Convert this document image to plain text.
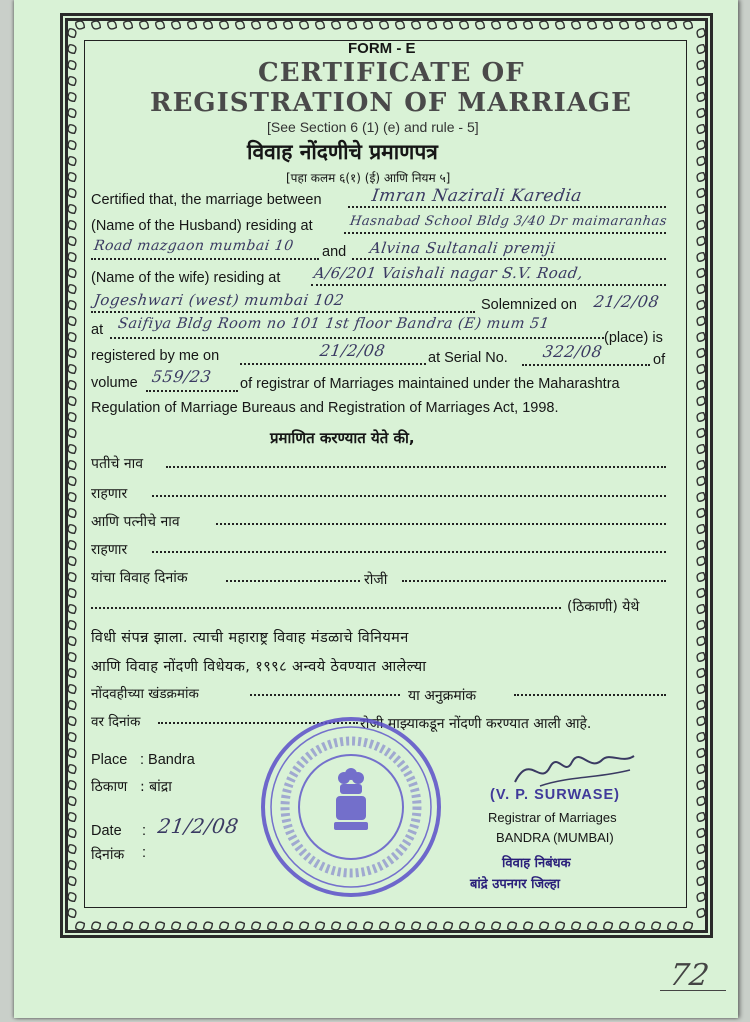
FORM - E
CERTIFICATE OF
REGISTRATION OF MARRIAGE
[See Section 6 (1) (e) and rule - 5]
विवाह नोंदणीचे प्रमाणपत्र
[पहा कलम ६(१) (ई) आणि नियम ५]
Certified that, the marriage between	Imran Nazirali Karedia
(Name of the Husband) residing at	Hasnabad School Bldg 3/40 Dr maimaranhas
Road mazgaon mumbai 10 and Alvina Sultanali premji
(Name of the wife) residing at A/6/201 Vaishali nagar S.V. Road,
Jogeshwari (west) mumbai 102	Solemnized on 21/2/08
at Saifiya Bldg Room no 101 1st floor Bandra (E) mum 51
(place) is
registered by me on	21/2/08	at Serial No. 322/08	of
volume 559/23 of registrar of Marriages maintained under the Maharashtra
Regulation of Marriage Bureaus and Registration of Marriages Act, 1998.
प्रमाणित करण्यात येते की,
पतीचे नाव
राहणार
आणि पत्नीचे नाव
राहणार
यांचा विवाह दिनांक	रोजी
(ठिकाणी) येथे
विधी संपन्न झाला. त्याची महाराष्ट्र विवाह मंडळाचे विनियमन
आणि विवाह नोंदणी विधेयक, १९९८ अन्वये ठेवण्यात आलेल्या
नोंदवहीच्या खंडक्रमांक	या अनुक्रमांक
वर दिनांक	रोजी माझ्याकडून नोंदणी करण्यात आली आहे.
Place : Bandra
ठिकाण : बांद्रा
Date : 21/2/08
दिनांक :
(V. P. SURWASE)
Registrar of Marriages
BANDRA (MUMBAI)
विवाह निबंधक
बांद्रे उपनगर जिल्हा
72
